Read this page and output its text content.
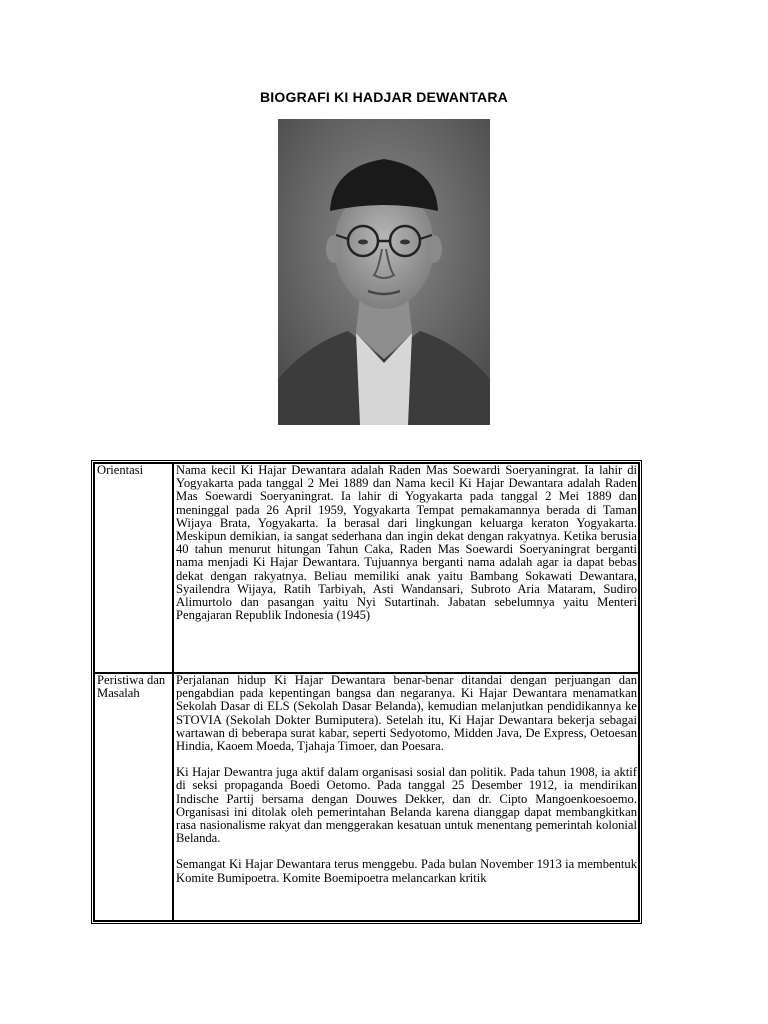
BIOGRAFI KI HADJAR DEWANTARA
Orientasi	Nama kecil Ki Hajar Dewantara adalah Raden Mas Soewardi Soeryaningrat. Ia lahir di Yogyakarta pada tanggal 2 Mei 1889 dan Nama kecil Ki Hajar Dewantara adalah Raden Mas Soewardi Soeryaningrat. Ia lahir di Yogyakarta pada tanggal 2 Mei 1889 dan meninggal pada 26 April 1959, Yogyakarta Tempat pemakamannya berada di Taman Wijaya Brata, Yogyakarta. Ia berasal dari lingkungan keluarga keraton Yogyakarta. Meskipun demikian, ia sangat sederhana dan ingin dekat dengan rakyatnya. Ketika berusia 40 tahun menurut hitungan Tahun Caka, Raden Mas Soewardi Soeryaningrat berganti nama menjadi Ki Hajar Dewantara. Tujuannya berganti nama adalah agar ia dapat bebas dekat dengan rakyatnya. Beliau memiliki anak yaitu Bambang Sokawati Dewantara, Syailendra Wijaya, Ratih Tarbiyah, Asti Wandansari, Subroto Aria Mataram, Sudiro Alimurtolo dan pasangan yaitu Nyi Sutartinah. Jabatan sebelumnya yaitu Menteri Pengajaran Republik Indonesia (1945)

Peristiwa dan Masalah	Perjalanan hidup Ki Hajar Dewantara benar-benar ditandai dengan perjuangan dan pengabdian pada kepentingan bangsa dan negaranya. Ki Hajar Dewantara menamatkan Sekolah Dasar di ELS (Sekolah Dasar Belanda), kemudian melanjutkan pendidikannya ke STOVIA (Sekolah Dokter Bumiputera). Setelah itu, Ki Hajar Dewantara bekerja sebagai wartawan di beberapa surat kabar, seperti Sedyotomo, Midden Java, De Express, Oetoesan Hindia, Kaoem Moeda, Tjahaja Timoer, dan Poesara.

Ki Hajar Dewantra juga aktif dalam organisasi sosial dan politik. Pada tahun 1908, ia aktif di seksi propaganda Boedi Oetomo. Pada tanggal 25 Desember 1912, ia mendirikan Indische Partij bersama dengan Douwes Dekker, dan dr. Cipto Mangoenkoesoemo. Organisasi ini ditolak oleh pemerintahan Belanda karena dianggap dapat membangkitkan rasa nasionalisme rakyat dan menggerakan kesatuan untuk menentang pemerintah kolonial Belanda.

Semangat Ki Hajar Dewantara terus menggebu. Pada bulan November 1913 ia membentuk Komite Bumipoetra. Komite Boemipoetra melancarkan kritik
